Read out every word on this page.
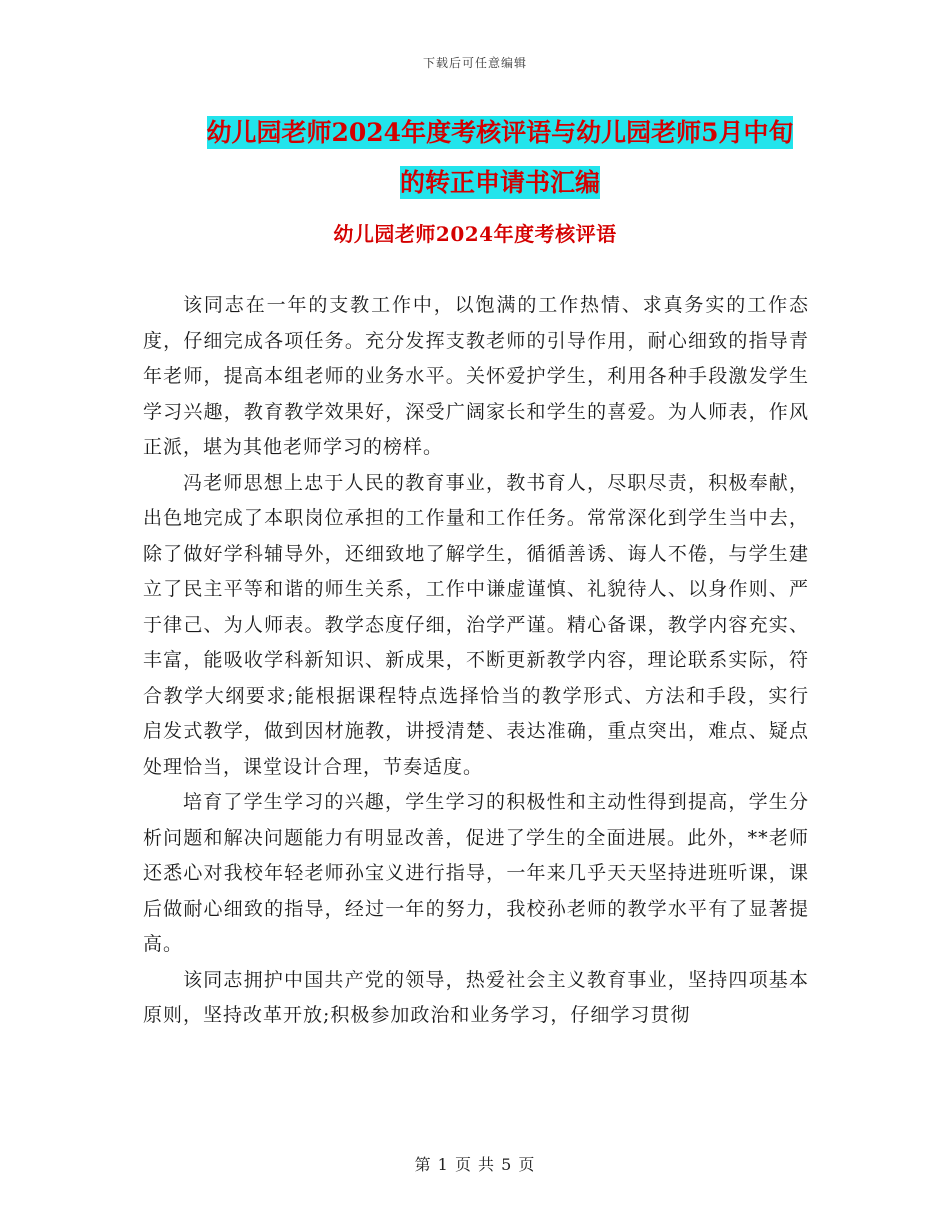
下载后可任意编辑
幼儿园老师2024年度考核评语与幼儿园老师5月中旬
的转正申请书汇编
幼儿园老师2024年度考核评语

该同志在一年的支教工作中，以饱满的工作热情、求真务实的工作态度，仔细完成各项任务。充分发挥支教老师的引导作用，耐心细致的指导青年老师，提高本组老师的业务水平。关怀爱护学生，利用各种手段激发学生学习兴趣，教育教学效果好，深受广阔家长和学生的喜爱。为人师表，作风正派，堪为其他老师学习的榜样。

冯老师思想上忠于人民的教育事业，教书育人，尽职尽责，积极奉献，出色地完成了本职岗位承担的工作量和工作任务。常常深化到学生当中去，除了做好学科辅导外，还细致地了解学生，循循善诱、诲人不倦，与学生建立了民主平等和谐的师生关系，工作中谦虚谨慎、礼貌待人、以身作则、严于律己、为人师表。教学态度仔细，治学严谨。精心备课，教学内容充实、丰富，能吸收学科新知识、新成果，不断更新教学内容，理论联系实际，符合教学大纲要求;能根据课程特点选择恰当的教学形式、方法和手段，实行启发式教学，做到因材施教，讲授清楚、表达准确，重点突出，难点、疑点处理恰当，课堂设计合理，节奏适度。

培育了学生学习的兴趣，学生学习的积极性和主动性得到提高，学生分析问题和解决问题能力有明显改善，促进了学生的全面进展。此外，**老师还悉心对我校年轻老师孙宝义进行指导，一年来几乎天天坚持进班听课，课后做耐心细致的指导，经过一年的努力，我校孙老师的教学水平有了显著提高。

该同志拥护中国共产党的领导，热爱社会主义教育事业，坚持四项基本原则，坚持改革开放;积极参加政治和业务学习，仔细学习贯彻

第 1 页 共 5 页
